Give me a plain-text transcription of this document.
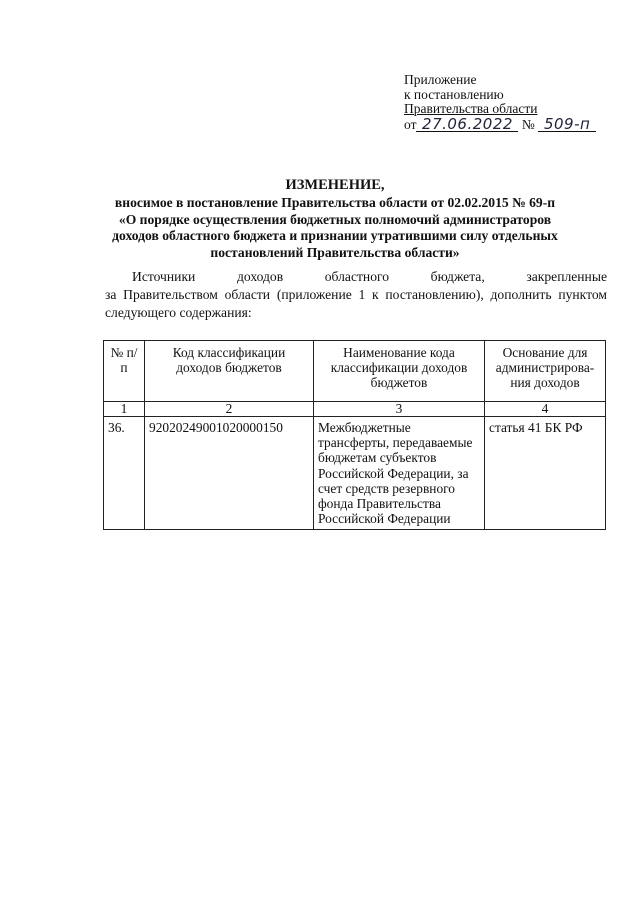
Приложение
к постановлению
Правительства области
от 27.06.2022 № 509-п
ИЗМЕНЕНИЕ,
вносимое в постановление Правительства области от 02.02.2015 № 69-п
«О порядке осуществления бюджетных полномочий администраторов
доходов областного бюджета и признании утратившими силу отдельных
постановлений Правительства области»
Источники доходов областного бюджета, закрепленные
за Правительством области (приложение 1 к постановлению), дополнить пунктом следующего содержания:
№ п/п	Код классификации доходов бюджетов	Наименование кода классификации доходов бюджетов	Основание для администрирова-ния доходов
1	2	3	4
36.	92020249001020000150	Межбюджетные трансферты, передаваемые бюджетам субъектов Российской Федерации, за счет средств резервного фонда Правительства Российской Федерации	статья 41 БК РФ
